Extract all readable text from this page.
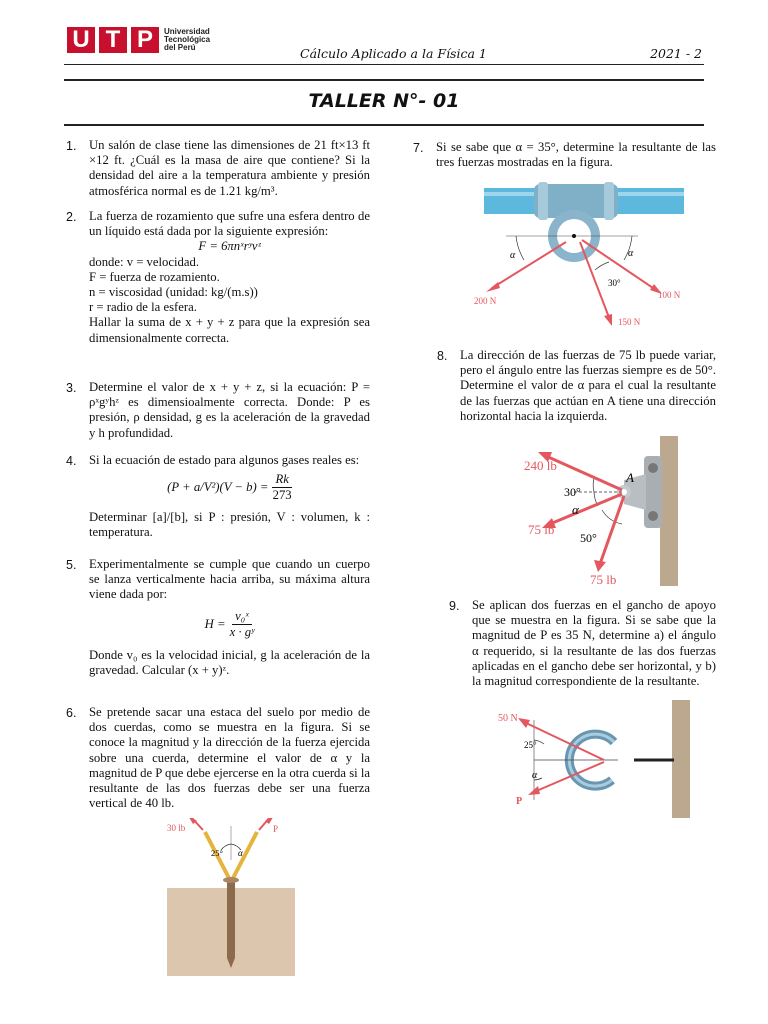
U T P	Universidad
Tecnológica
del Perú	Cálculo Aplicado a la Física 1	2021 - 2
TALLER N°- 01
1. Un salón de clase tiene las dimensiones de 21 ft×13 ft ×12 ft. ¿Cuál es la masa de aire que contiene? Si la densidad del aire a la temperatura ambiente y presión atmosférica normal es de 1.21 kg/m³.

2. La fuerza de rozamiento que sufre una esfera dentro de un líquido está dada por la siguiente expresión:

F = 6πnˣrʸvᶻ

donde: v = velocidad.

F = fuerza de rozamiento.

n = viscosidad (unidad: kg/(m.s))

r = radio de la esfera.

Hallar la suma de x + y + z para que la expresión sea dimensionalmente correcta.

3. Determine el valor de x + y + z, si la ecuación: P = ρˣgʸhᶻ es dimensioalmente correcta. Donde: P es presión, ρ densidad, g es la aceleración de la gravedad y h profundidad.

4. Si la ecuación de estado para algunos gases reales es:

$(P + a/V^2)(V - b) = \frac{Rk}{273}$

Determinar [a]/[b], si P : presión, V : volumen, k : temperatura.

5. Experimentalmente se cumple que cuando un cuerpo se lanza verticalmente hacia arriba, su máxima altura viene dada por:

$H = \frac{\text{v₀ˣ}}{\text{x · gʸ}}$

Donde v₀ es la velocidad inicial, g la aceleración de la gravedad. Calcular (x + y)ᶻ.

6. Se pretende sacar una estaca del suelo por medio de dos cuerdas, como se muestra en la figura. Si se conoce la magnitud y la dirección de la fuerza ejercida sobre una cuerda, determine el valor de α y la magnitud de P que debe ejercerse en la otra cuerda si la resultante de las dos fuerzas debe ser una fuerza vertical de 40 lb.

30 lb	P
25° α
7. Si se sabe que α = 35°, determine la resultante de las tres fuerzas mostradas en la figura.

α	α
30°
200 N
150 N
100 N
8. La dirección de las fuerzas de 75 lb puede variar, pero el ángulo entre las fuerzas siempre es de 50°. Determine el valor de α para el cual la resultante de las fuerzas que actúan en A tiene una dirección horizontal hacia la izquierda.

240 lb
75 lb
75 lb
30°
α
50°
A
9. Se aplican dos fuerzas en el gancho de apoyo que se muestra en la figura. Si se sabe que la magnitud de P es 35 N, determine a) el ángulo α requerido, si la resultante de las dos fuerzas aplicadas en el gancho debe ser horizontal, y b) la magnitud correspondiente de la resultante.

50 N
P
25°
α
